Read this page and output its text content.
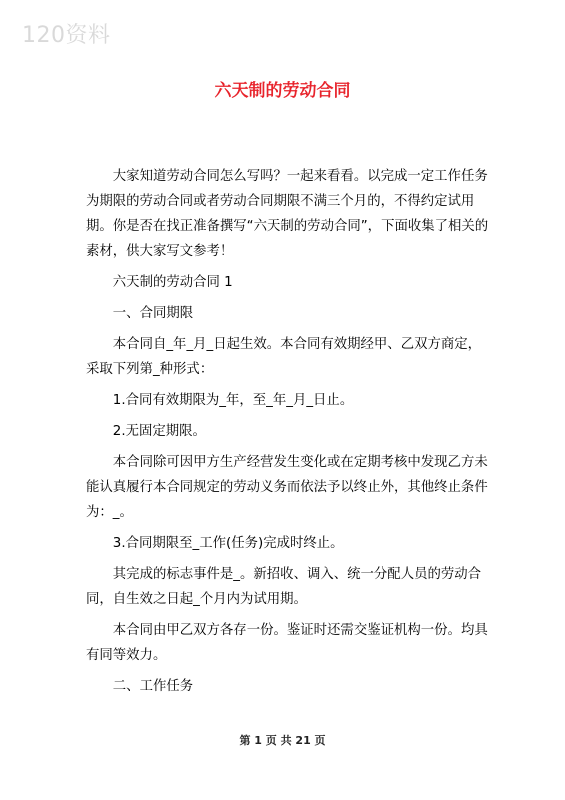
120资料
六天制的劳动合同

大家知道劳动合同怎么写吗？一起来看看。以完成一定工作任务为期限的劳动合同或者劳动合同期限不满三个月的，不得约定试用期。你是否在找正准备撰写“六天制的劳动合同”，下面收集了相关的素材，供大家写文参考！

六天制的劳动合同 1

一、合同期限

本合同自_年_月_日起生效。本合同有效期经甲、乙双方商定，采取下列第_种形式：

1.合同有效期限为_年，至_年_月_日止。

2.无固定期限。

本合同除可因甲方生产经营发生变化或在定期考核中发现乙方未能认真履行本合同规定的劳动义务而依法予以终止外，其他终止条件为：_。

3.合同期限至_工作(任务)完成时终止。

其完成的标志事件是_。新招收、调入、统一分配人员的劳动合同，自生效之日起_个月内为试用期。

本合同由甲乙双方各存一份。鉴证时还需交鉴证机构一份。均具有同等效力。

二、工作任务

第 1 页 共 21 页
